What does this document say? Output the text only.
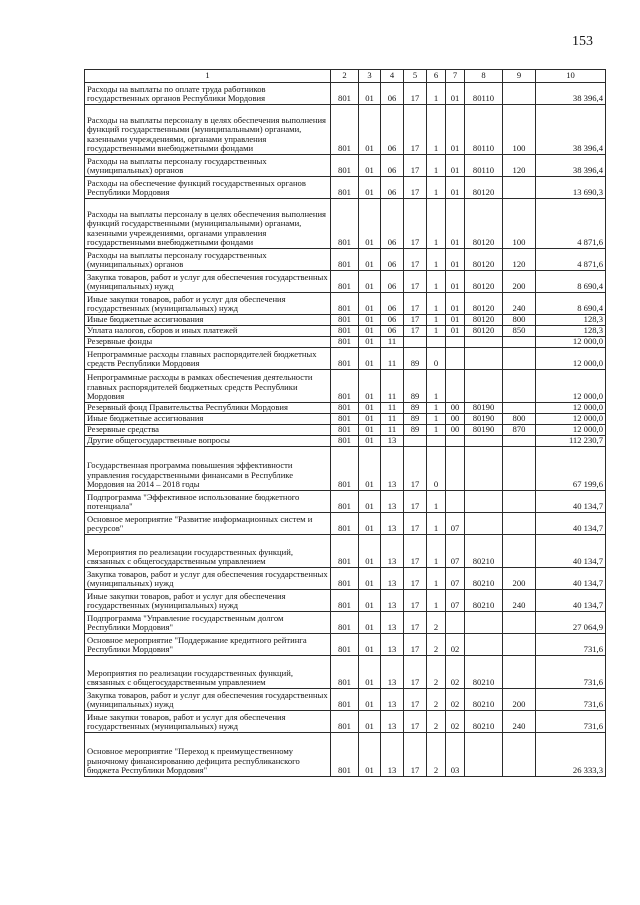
153
1	2	3	4	5	6	7	8	9	10
Расходы на выплаты по оплате труда работников государственных органов Республики Мордовия	801	01	06	17	1	01	80110		38 396,4
Расходы на выплаты персоналу в целях обеспечения выполнения функций государственными (муниципальными) органами, казенными учреждениями, органами управления государственными внебюджетными фондами	801	01	06	17	1	01	80110	100	38 396,4
Расходы на выплаты персоналу государственных (муниципальных) органов	801	01	06	17	1	01	80110	120	38 396,4
Расходы на обеспечение функций государственных органов Республики Мордовия	801	01	06	17	1	01	80120		13 690,3
Расходы на выплаты персоналу в целях обеспечения выполнения функций государственными (муниципальными) органами, казенными учреждениями, органами управления государственными внебюджетными фондами	801	01	06	17	1	01	80120	100	4 871,6
Расходы на выплаты персоналу государственных (муниципальных) органов	801	01	06	17	1	01	80120	120	4 871,6
Закупка товаров, работ и услуг для обеспечения государственных (муниципальных) нужд	801	01	06	17	1	01	80120	200	8 690,4
Иные закупки товаров, работ и услуг для обеспечения государственных (муниципальных) нужд	801	01	06	17	1	01	80120	240	8 690,4
Иные бюджетные ассигнования	801	01	06	17	1	01	80120	800	128,3
Уплата налогов, сборов и иных платежей	801	01	06	17	1	01	80120	850	128,3
Резервные фонды	801	01	11						12 000,0
Непрограммные расходы главных распорядителей бюджетных средств Республики Мордовия	801	01	11	89	0				12 000,0
Непрограммные расходы в рамках обеспечения деятельности главных распорядителей бюджетных средств Республики Мордовия	801	01	11	89	1				12 000,0
Резервный фонд Правительства Республики Мордовия	801	01	11	89	1	00	80190		12 000,0
Иные бюджетные ассигнования	801	01	11	89	1	00	80190	800	12 000,0
Резервные средства	801	01	11	89	1	00	80190	870	12 000,0
Другие общегосударственные вопросы	801	01	13						112 230,7
Государственная программа повышения эффективности управления государственными финансами в Республике Мордовия на 2014 – 2018 годы	801	01	13	17	0				67 199,6
Подпрограмма "Эффективное использование бюджетного потенциала"	801	01	13	17	1				40 134,7
Основное мероприятие "Развитие информационных систем и ресурсов"	801	01	13	17	1	07			40 134,7
Мероприятия по реализации государственных функций, связанных с общегосударственным управлением	801	01	13	17	1	07	80210		40 134,7
Закупка товаров, работ и услуг для обеспечения государственных (муниципальных) нужд	801	01	13	17	1	07	80210	200	40 134,7
Иные закупки товаров, работ и услуг для обеспечения государственных (муниципальных) нужд	801	01	13	17	1	07	80210	240	40 134,7
Подпрограмма "Управление государственным долгом Республики Мордовия"	801	01	13	17	2				27 064,9
Основное мероприятие "Поддержание кредитного рейтинга Республики Мордовия"	801	01	13	17	2	02			731,6
Мероприятия по реализации государственных функций, связанных с общегосударственным управлением	801	01	13	17	2	02	80210		731,6
Закупка товаров, работ и услуг для обеспечения государственных (муниципальных) нужд	801	01	13	17	2	02	80210	200	731,6
Иные закупки товаров, работ и услуг для обеспечения государственных (муниципальных) нужд	801	01	13	17	2	02	80210	240	731,6
Основное мероприятие "Переход к преимущественному рыночному финансированию дефицита республиканского бюджета Республики Мордовия"	801	01	13	17	2	03			26 333,3
